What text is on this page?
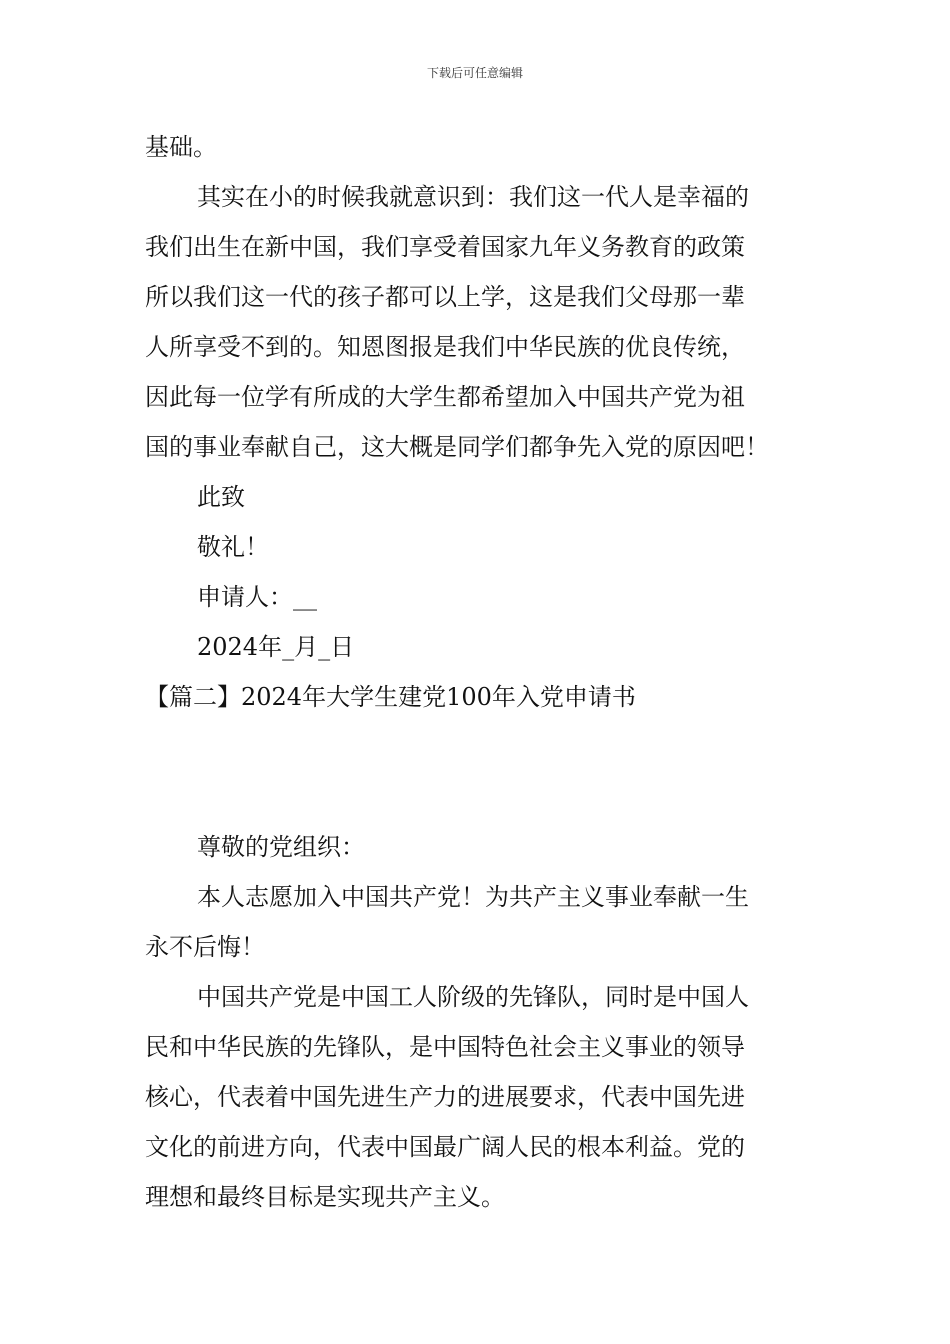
下载后可任意编辑
基础。
其实在小的时候我就意识到：我们这一代人是幸福的
我们出生在新中国，我们享受着国家九年义务教育的政策
所以我们这一代的孩子都可以上学，这是我们父母那一辈
人所享受不到的。知恩图报是我们中华民族的优良传统，
因此每一位学有所成的大学生都希望加入中国共产党为祖
国的事业奉献自己，这大概是同学们都争先入党的原因吧！
此致
敬礼！
申请人：__
2024年_月_日
【篇二】2024年大学生建党100年入党申请书
尊敬的党组织：
本人志愿加入中国共产党！为共产主义事业奉献一生
永不后悔！
中国共产党是中国工人阶级的先锋队，同时是中国人
民和中华民族的先锋队，是中国特色社会主义事业的领导
核心，代表着中国先进生产力的进展要求，代表中国先进
文化的前进方向，代表中国最广阔人民的根本利益。党的
理想和最终目标是实现共产主义。
